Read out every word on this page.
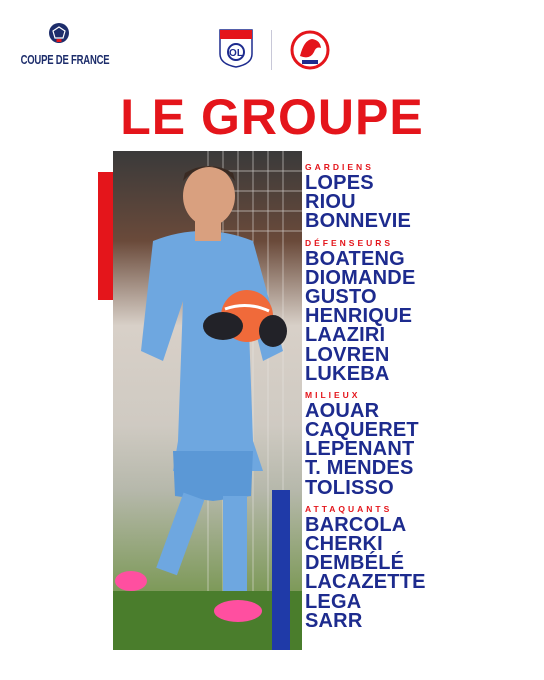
COUPE DE FRANCE	OL
LE GROUPE
GARDIENS
LOPES
RIOU
BONNEVIE
DÉFENSEURS
BOATENG
DIOMANDE
GUSTO
HENRIQUE
LAAZIRI
LOVREN
LUKEBA
MILIEUX
AOUAR
CAQUERET
LEPENANT
T. MENDES
TOLISSO
ATTAQUANTS
BARCOLA
CHERKI
DEMBÉLÉ
LACAZETTE
LEGA
SARR
